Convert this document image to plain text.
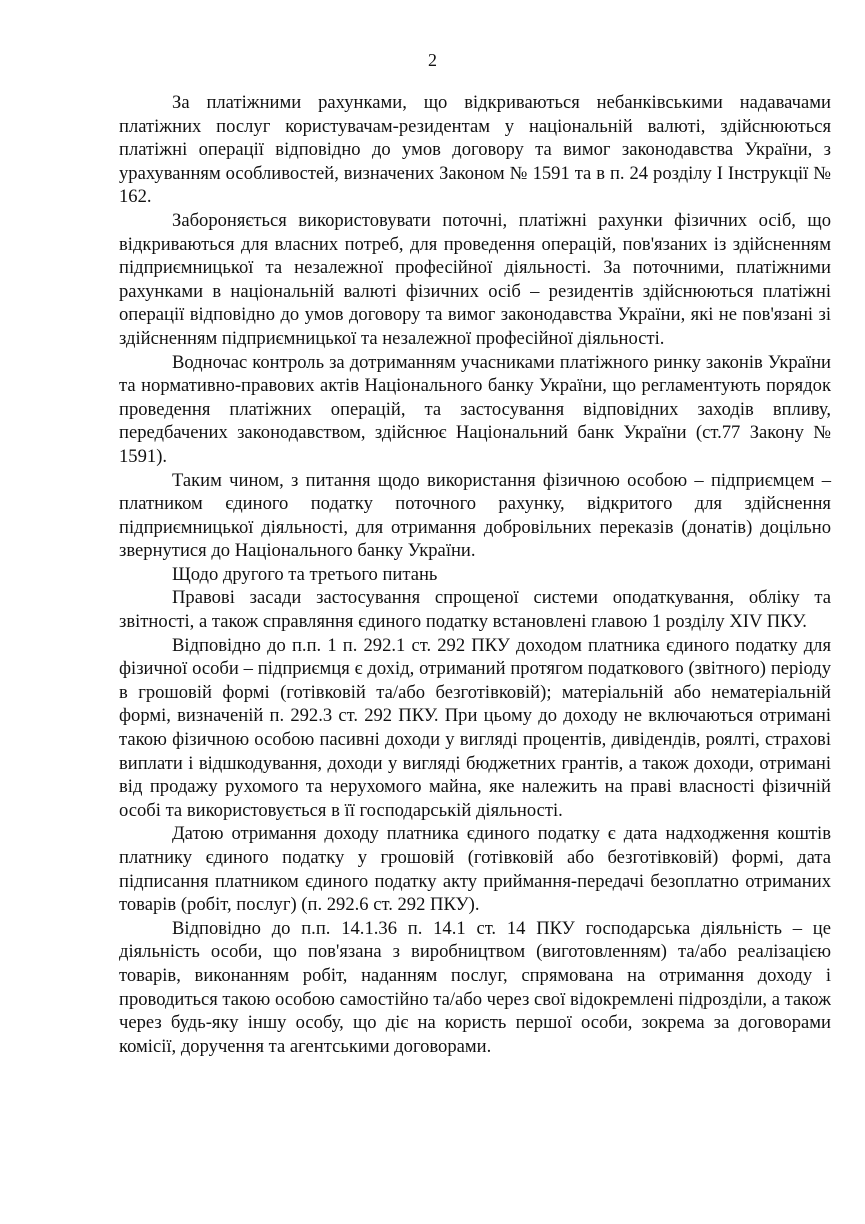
2

За платіжними рахунками, що відкриваються небанківськими надавачами платіжних послуг користувачам-резидентам у національній валюті, здійснюються платіжні операції відповідно до умов договору та вимог законодавства України, з урахуванням особливостей, визначених Законом № 1591 та в п. 24 розділу І Інструкції № 162.

Забороняється використовувати поточні, платіжні рахунки фізичних осіб, що відкриваються для власних потреб, для проведення операцій, пов'язаних із здійсненням підприємницької та незалежної професійної діяльності. За поточними, платіжними рахунками в національній валюті фізичних осіб – резидентів здійснюються платіжні операції відповідно до умов договору та вимог законодавства України, які не пов'язані зі здійсненням підприємницької та незалежної професійної діяльності.

Водночас контроль за дотриманням учасниками платіжного ринку законів України та нормативно-правових актів Національного банку України, що регламентують порядок проведення платіжних операцій, та застосування відповідних заходів впливу, передбачених законодавством, здійснює Національний банк України (ст.77 Закону № 1591).

Таким чином, з питання щодо використання фізичною особою – підприємцем – платником єдиного податку поточного рахунку, відкритого для здійснення підприємницької діяльності, для отримання добровільних переказів (донатів) доцільно звернутися до Національного банку України.

Щодо другого та третього питань

Правові засади застосування спрощеної системи оподаткування, обліку та звітності, а також справляння єдиного податку встановлені главою 1 розділу XIV ПКУ.

Відповідно до п.п. 1 п. 292.1 ст. 292 ПКУ доходом платника єдиного податку для фізичної особи – підприємця є дохід, отриманий протягом податкового (звітного) періоду в грошовій формі (готівковій та/або безготівковій); матеріальній або нематеріальній формі, визначеній п. 292.3 ст. 292 ПКУ. При цьому до доходу не включаються отримані такою фізичною особою пасивні доходи у вигляді процентів, дивідендів, роялті, страхові виплати і відшкодування, доходи у вигляді бюджетних грантів, а також доходи, отримані від продажу рухомого та нерухомого майна, яке належить на праві власності фізичній особі та використовується в її господарській діяльності.

Датою отримання доходу платника єдиного податку є дата надходження коштів платнику єдиного податку у грошовій (готівковій або безготівковій) формі, дата підписання платником єдиного податку акту приймання-передачі безоплатно отриманих товарів (робіт, послуг) (п. 292.6 ст. 292 ПКУ).

Відповідно до п.п. 14.1.36 п. 14.1 ст. 14 ПКУ господарська діяльність – це діяльність особи, що пов'язана з виробництвом (виготовленням) та/або реалізацією товарів, виконанням робіт, наданням послуг, спрямована на отримання доходу і проводиться такою особою самостійно та/або через свої відокремлені підрозділи, а також через будь-яку іншу особу, що діє на користь першої особи, зокрема за договорами комісії, доручення та агентськими договорами.
